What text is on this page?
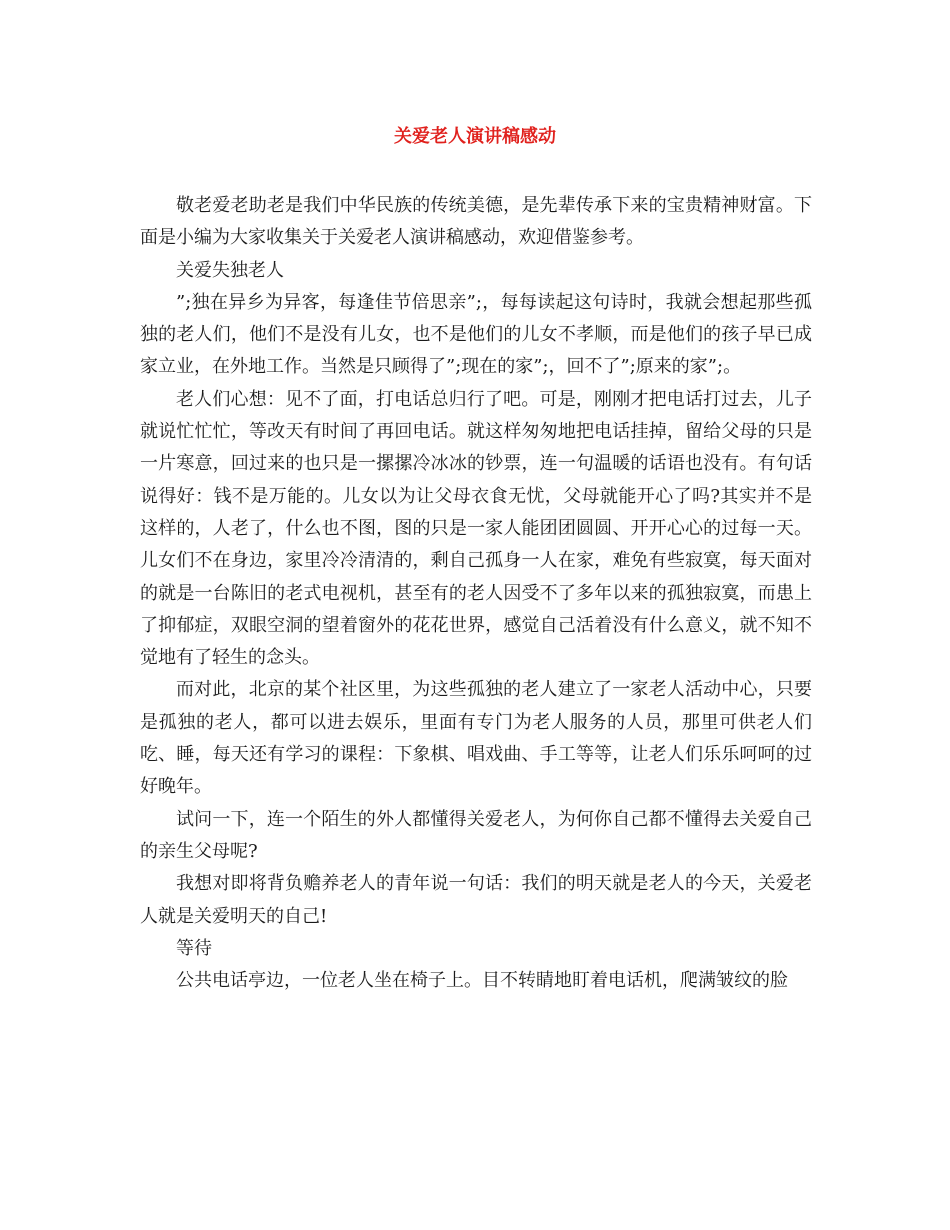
关爱老人演讲稿感动

敬老爱老助老是我们中华民族的传统美德，是先辈传承下来的宝贵精神财富。下面是小编为大家收集关于关爱老人演讲稿感动，欢迎借鉴参考。

关爱失独老人

”;独在异乡为异客，每逢佳节倍思亲”;，每每读起这句诗时，我就会想起那些孤独的老人们，他们不是没有儿女，也不是他们的儿女不孝顺，而是他们的孩子早已成家立业，在外地工作。当然是只顾得了”;现在的家”;，回不了”;原来的家”;。

老人们心想：见不了面，打电话总归行了吧。可是，刚刚才把电话打过去，儿子就说忙忙忙，等改天有时间了再回电话。就这样匆匆地把电话挂掉，留给父母的只是一片寒意，回过来的也只是一摞摞冷冰冰的钞票，连一句温暖的话语也没有。有句话说得好：钱不是万能的。儿女以为让父母衣食无忧，父母就能开心了吗?其实并不是这样的，人老了，什么也不图，图的只是一家人能团团圆圆、开开心心的过每一天。儿女们不在身边，家里冷冷清清的，剩自己孤身一人在家，难免有些寂寞，每天面对的就是一台陈旧的老式电视机，甚至有的老人因受不了多年以来的孤独寂寞，而患上了抑郁症，双眼空洞的望着窗外的花花世界，感觉自己活着没有什么意义，就不知不觉地有了轻生的念头。

而对此，北京的某个社区里，为这些孤独的老人建立了一家老人活动中心，只要是孤独的老人，都可以进去娱乐，里面有专门为老人服务的人员，那里可供老人们吃、睡，每天还有学习的课程：下象棋、唱戏曲、手工等等，让老人们乐乐呵呵的过好晚年。

试问一下，连一个陌生的外人都懂得关爱老人，为何你自己都不懂得去关爱自己的亲生父母呢?

我想对即将背负赡养老人的青年说一句话：我们的明天就是老人的今天，关爱老人就是关爱明天的自己!

等待

公共电话亭边，一位老人坐在椅子上。目不转睛地盯着电话机，爬满皱纹的脸
